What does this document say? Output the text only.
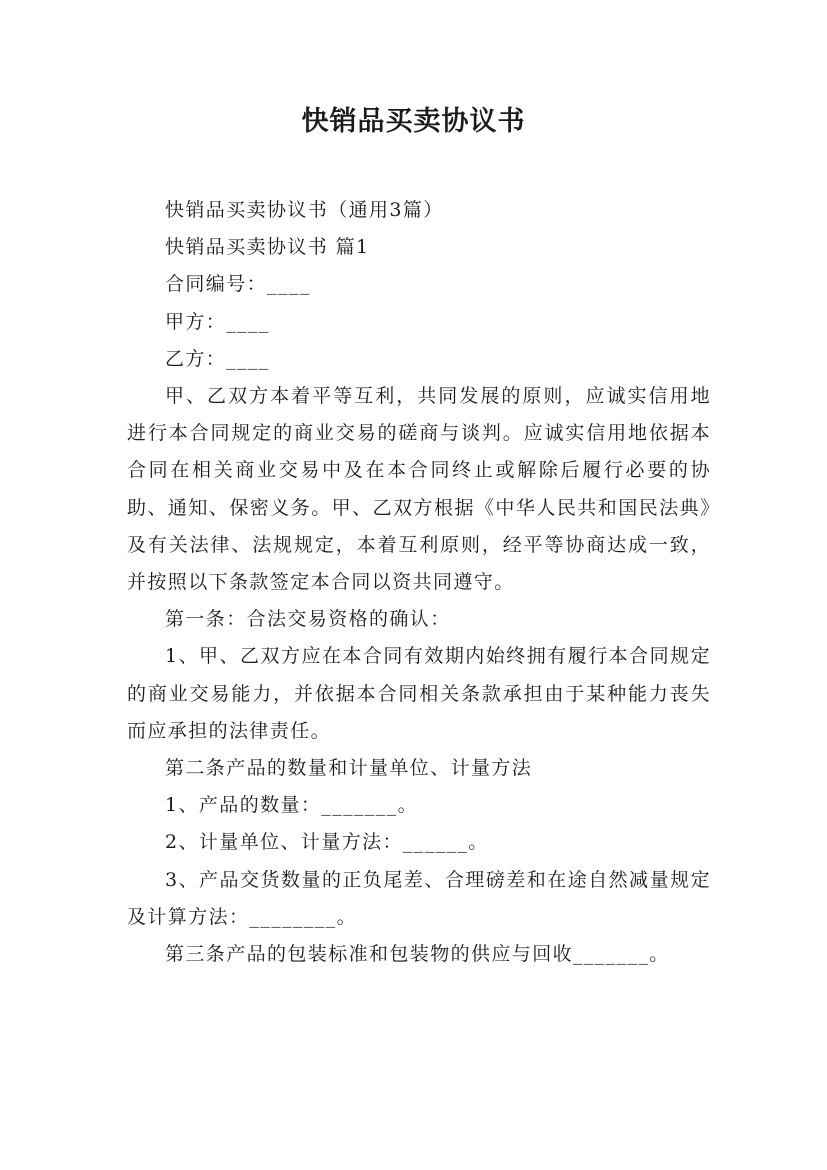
快销品买卖协议书

快销品买卖协议书（通用3篇）

快销品买卖协议书 篇1

合同编号：____

甲方：____

乙方：____

甲、乙双方本着平等互利，共同发展的原则，应诚实信用地进行本合同规定的商业交易的磋商与谈判。应诚实信用地依据本合同在相关商业交易中及在本合同终止或解除后履行必要的协助、通知、保密义务。甲、乙双方根据《中华人民共和国民法典》及有关法律、法规规定，本着互利原则，经平等协商达成一致，并按照以下条款签定本合同以资共同遵守。

第一条：合法交易资格的确认：

1、甲、乙双方应在本合同有效期内始终拥有履行本合同规定的商业交易能力，并依据本合同相关条款承担由于某种能力丧失而应承担的法律责任。

第二条产品的数量和计量单位、计量方法

1、产品的数量：_______。

2、计量单位、计量方法：______。

3、产品交货数量的正负尾差、合理磅差和在途自然减量规定及计算方法：________。

第三条产品的包装标准和包装物的供应与回收_______。
